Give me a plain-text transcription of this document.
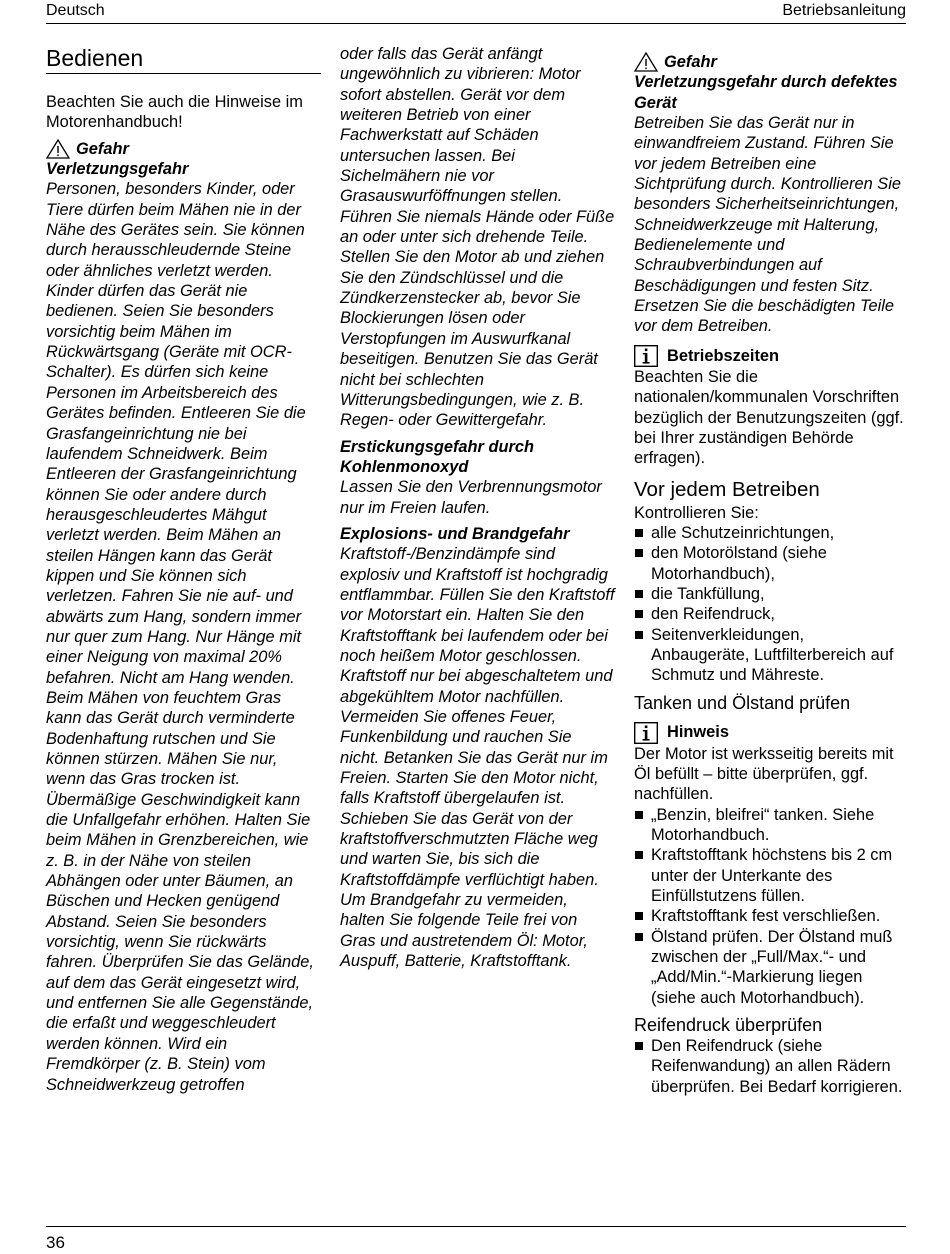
Deutsch	Betriebsanleitung
Bedienen
Beachten Sie auch die Hinweise im Motorenhandbuch!
Gefahr
Verletzungsgefahr
Personen, besonders Kinder, oder Tiere dürfen beim Mähen nie in der Nähe des Gerätes sein. Sie können durch herausschleudernde Steine oder ähnliches verletzt werden. Kinder dürfen das Gerät nie bedienen. Seien Sie besonders vorsichtig beim Mähen im Rückwärtsgang (Geräte mit OCR-Schalter). Es dürfen sich keine Personen im Arbeitsbereich des Gerätes befinden. Entleeren Sie die Grasfangeinrichtung nie bei laufendem Schneidwerk. Beim Entleeren der Grasfangeinrichtung können Sie oder andere durch herausgeschleudertes Mähgut verletzt werden. Beim Mähen an steilen Hängen kann das Gerät kippen und Sie können sich verletzen. Fahren Sie nie auf- und abwärts zum Hang, sondern immer nur quer zum Hang. Nur Hänge mit einer Neigung von maximal 20% befahren. Nicht am Hang wenden. Beim Mähen von feuchtem Gras kann das Gerät durch verminderte Bodenhaftung rutschen und Sie können stürzen. Mähen Sie nur, wenn das Gras trocken ist. Übermäßige Geschwindigkeit kann die Unfallgefahr erhöhen. Halten Sie beim Mähen in Grenzbereichen, wie z. B. in der Nähe von steilen Abhängen oder unter Bäumen, an Büschen und Hecken genügend Abstand. Seien Sie besonders vorsichtig, wenn Sie rückwärts fahren. Überprüfen Sie das Gelände, auf dem das Gerät eingesetzt wird, und entfernen Sie alle Gegenstände, die erfaßt und weggeschleudert werden können. Wird ein Fremdkörper (z. B. Stein) vom Schneidwerkzeug getroffen
oder falls das Gerät anfängt ungewöhnlich zu vibrieren: Motor sofort abstellen. Gerät vor dem weiteren Betrieb von einer Fachwerkstatt auf Schäden untersuchen lassen. Bei Sichelmähern nie vor Grasauswurföffnungen stellen. Führen Sie niemals Hände oder Füße an oder unter sich drehende Teile. Stellen Sie den Motor ab und ziehen Sie den Zündschlüssel und die Zündkerzenstecker ab, bevor Sie Blockierungen lösen oder Verstopfungen im Auswurfkanal beseitigen. Benutzen Sie das Gerät nicht bei schlechten Witterungsbedingungen, wie z. B. Regen- oder Gewittergefahr.
Erstickungsgefahr durch Kohlenmonoxyd
Lassen Sie den Verbrennungsmotor nur im Freien laufen.
Explosions- und Brandgefahr
Kraftstoff-/Benzindämpfe sind explosiv und Kraftstoff ist hochgradig entflammbar. Füllen Sie den Kraftstoff vor Motorstart ein. Halten Sie den Kraftstofftank bei laufendem oder bei noch heißem Motor geschlossen. Kraftstoff nur bei abgeschaltetem und abgekühltem Motor nachfüllen. Vermeiden Sie offenes Feuer, Funkenbildung und rauchen Sie nicht. Betanken Sie das Gerät nur im Freien. Starten Sie den Motor nicht, falls Kraftstoff übergelaufen ist. Schieben Sie das Gerät von der kraftstoffverschmutzten Fläche weg und warten Sie, bis sich die Kraftstoffdämpfe verflüchtigt haben. Um Brandgefahr zu vermeiden, halten Sie folgende Teile frei von Gras und austretendem Öl: Motor, Auspuff, Batterie, Kraftstofftank.
Gefahr
Verletzungsgefahr durch defektes Gerät
Betreiben Sie das Gerät nur in einwandfreiem Zustand. Führen Sie vor jedem Betreiben eine Sichtprüfung durch. Kontrollieren Sie besonders Sicherheitseinrichtungen, Schneidwerkzeuge mit Halterung, Bedienelemente und Schraubverbindungen auf Beschädigungen und festen Sitz. Ersetzen Sie die beschädigten Teile vor dem Betreiben.
Betriebszeiten
Beachten Sie die nationalen/kommunalen Vorschriften bezüglich der Benutzungszeiten (ggf. bei Ihrer zuständigen Behörde erfragen).
Vor jedem Betreiben
Kontrollieren Sie:
alle Schutzeinrichtungen,
den Motorölstand (siehe Motorhandbuch),
die Tankfüllung,
den Reifendruck,
Seitenverkleidungen, Anbaugeräte, Luftfilterbereich auf Schmutz und Mähreste.
Tanken und Ölstand prüfen
Hinweis
Der Motor ist werksseitig bereits mit Öl befüllt – bitte überprüfen, ggf. nachfüllen.
„Benzin, bleifrei“ tanken. Siehe Motorhandbuch.
Kraftstofftank höchstens bis 2 cm unter der Unterkante des Einfüllstutzens füllen.
Kraftstofftank fest verschließen.
Ölstand prüfen. Der Ölstand muß zwischen der „Full/Max.“- und „Add/Min.“-Markierung liegen (siehe auch Motorhandbuch).
Reifendruck überprüfen
Den Reifendruck (siehe Reifenwandung) an allen Rädern überprüfen. Bei Bedarf korrigieren.
36
